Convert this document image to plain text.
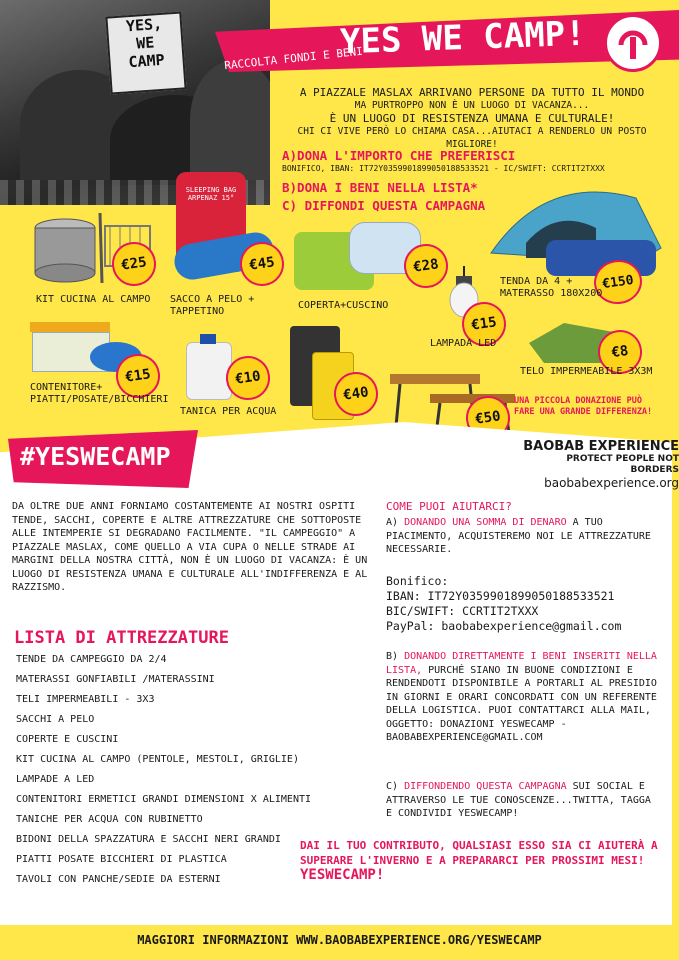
YES,
WE
CAMP	RACCOLTA FONDI E BENI
YES WE CAMP!
A PIAZZALE MASLAX ARRIVANO PERSONE DA TUTTO IL MONDO
MA PURTROPPO NON È UN LUOGO DI VACANZA...
È UN LUOGO DI RESISTENZA UMANA E CULTURALE!
CHI CI VIVE PERÒ LO CHIAMA CASA...AIUTACI A RENDERLO UN POSTO MIGLIORE!
A)DONA L'IMPORTO CHE PREFERISCI
BONIFICO, IBAN: IT72Y0359901899050188533521 - IC/SWIFT: CCRTIT2TXXX
B)DONA I BENI NELLA LISTA*
C) DIFFONDI QUESTA CAMPAGNA
€25
KIT CUCINA AL CAMPO
SLEEPING BAG
ARPENAZ 15°
€45
SACCO A PELO + TAPPETINO
€28
COPERTA+CUSCINO
€150
TENDA DA 4 + MATERASSO 180X200
€15
LAMPADA LED	€8
TELO IMPERMEABILE 3X3M
€15
CONTENITORE+ PIATTI/POSATE/BICCHIERI
€10
TANICA PER ACQUA
€40
€50
UNA PICCOLA DONAZIONE PUÒ FARE UNA GRANDE DIFFERENZA!
#YESWECAMP	BAOBAB EXPERIENCE
PROTECT PEOPLE NOT BORDERS
baobabexperience.org
DA OLTRE DUE ANNI FORNIAMO COSTANTEMENTE AI NOSTRI OSPITI TENDE, SACCHI, COPERTE E ALTRE ATTREZZATURE CHE SOTTOPOSTE ALLE INTEMPERIE SI DEGRADANO FACILMENTE. "IL CAMPEGGIO" A PIAZZALE MASLAX, COME QUELLO A VIA CUPA O NELLE STRADE AI MARGINI DELLA NOSTRA CITTÀ, NON È UN LUOGO DI VACANZA: È UN LUOGO DI RESISTENZA UMANA E CULTURALE ALL'INDIFFERENZA E AL RAZZISMO.
LISTA DI ATTREZZATURE
TENDE DA CAMPEGGIO DA 2/4
MATERASSI GONFIABILI /MATERASSINI
TELI IMPERMEABILI - 3X3
SACCHI A PELO
COPERTE E CUSCINI
KIT CUCINA AL CAMPO (PENTOLE, MESTOLI, GRIGLIE)
LAMPADE A LED
CONTENITORI ERMETICI GRANDI DIMENSIONI X ALIMENTI
TANICHE PER ACQUA CON RUBINETTO
BIDONI DELLA SPAZZATURA E SACCHI NERI GRANDI
PIATTI POSATE BICCHIERI DI PLASTICA
TAVOLI CON PANCHE/SEDIE DA ESTERNI
COME PUOI AIUTARCI?
A) DONANDO UNA SOMMA DI DENARO A TUO PIACIMENTO, ACQUISTEREMO NOI LE ATTREZZATURE NECESSARIE.
Bonifico:
IBAN: IT72Y0359901899050188533521
BIC/SWIFT: CCRTIT2TXXX
PayPal: baobabexperience@gmail.com
B) DONANDO DIRETTAMENTE I BENI INSERITI NELLA LISTA, PURCHÉ SIANO IN BUONE CONDIZIONI E RENDENDOTI DISPONIBILE A PORTARLI AL PRESIDIO IN GIORNI E ORARI CONCORDATI CON UN REFERENTE DELLA LOGISTICA. PUOI CONTATTARCI ALLA MAIL, OGGETTO: DONAZIONI YESWECAMP - BAOBABEXPERIENCE@GMAIL.COM
C) DIFFONDENDO QUESTA CAMPAGNA SUI SOCIAL E ATTRAVERSO LE TUE CONOSCENZE...TWITTA, TAGGA E CONDIVIDI YESWECAMP!
DAI IL TUO CONTRIBUTO, QUALSIASI ESSO SIA CI AIUTERÀ A SUPERARE L'INVERNO E A PREPARARCI PER PROSSIMI MESI! YESWECAMP!
MAGGIORI INFORMAZIONI WWW.BAOBABEXPERIENCE.ORG/YESWECAMP
